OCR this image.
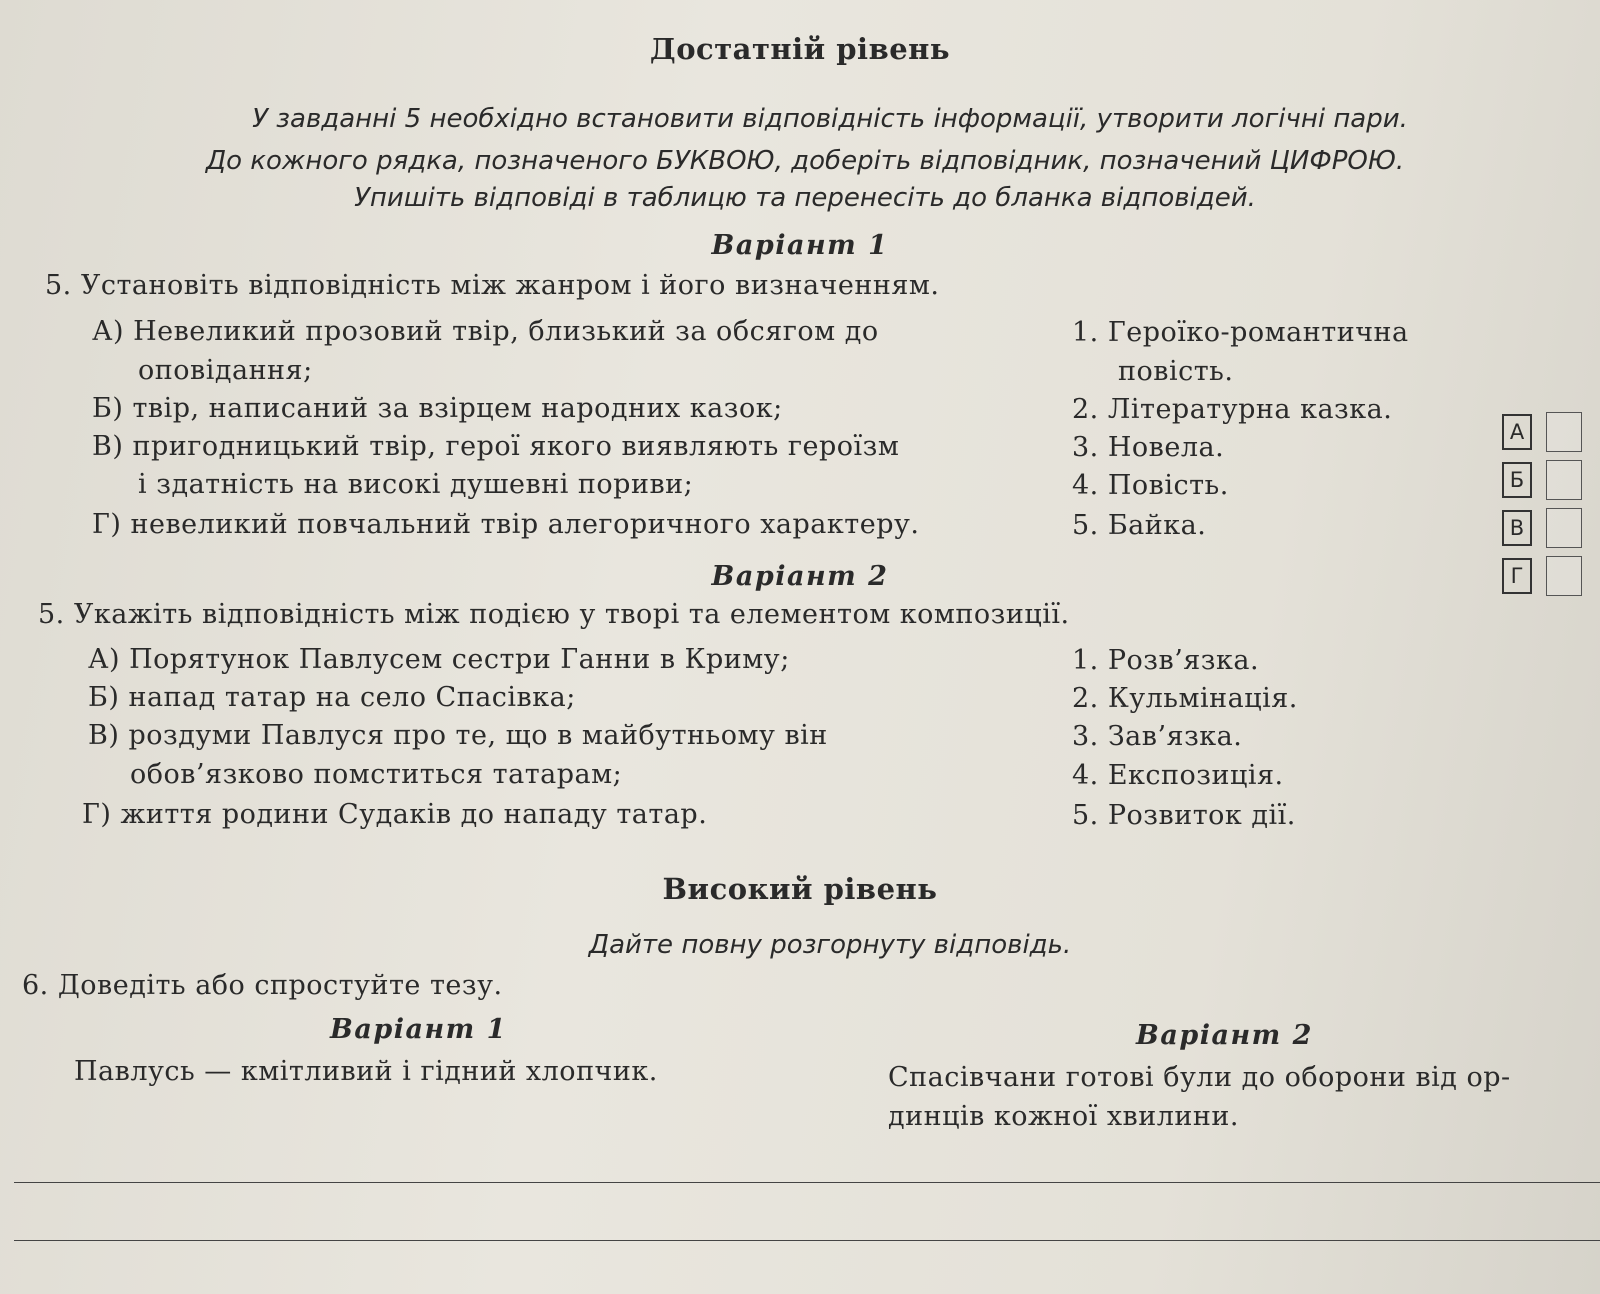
Достатній рівень
У завданні 5 необхідно встановити відповідність інформації, утворити логічні пари.
До кожного рядка, позначеного БУКВОЮ, доберіть відповідник, позначений ЦИФРОЮ.
Упишіть відповіді в таблицю та перенесіть до бланка відповідей.
Варіант 1
5. Установіть відповідність між жанром і його визначенням.
А) Невеликий прозовий твір, близький за обсягом до
оповідання;
Б) твір, написаний за взірцем народних казок;
В) пригодницький твір, герої якого виявляють героїзм
і здатність на високі душевні пориви;
Г) невеликий повчальний твір алегоричного характеру.
1. Героїко-романтична
повість.
2. Літературна казка.
3. Новела.
4. Повість.
5. Байка.
А
Б
В
Г
Варіант 2
5. Укажіть відповідність між подією у творі та елементом композиції.
А) Порятунок Павлусем сестри Ганни в Криму;
Б) напад татар на село Спасівка;
В) роздуми Павлуся про те, що в майбутньому він
обов’язково помститься татарам;
Г) життя родини Судаків до нападу татар.
1. Розв’язка.
2. Кульмінація.
3. Зав’язка.
4. Експозиція.
5. Розвиток дії.
Високий рівень
Дайте повну розгорнуту відповідь.
6. Доведіть або спростуйте тезу.
Варіант 1
Павлусь — кмітливий і гідний хлопчик.
Варіант 2
Спасівчани готові були до оборони від ор-
динців кожної хвилини.
